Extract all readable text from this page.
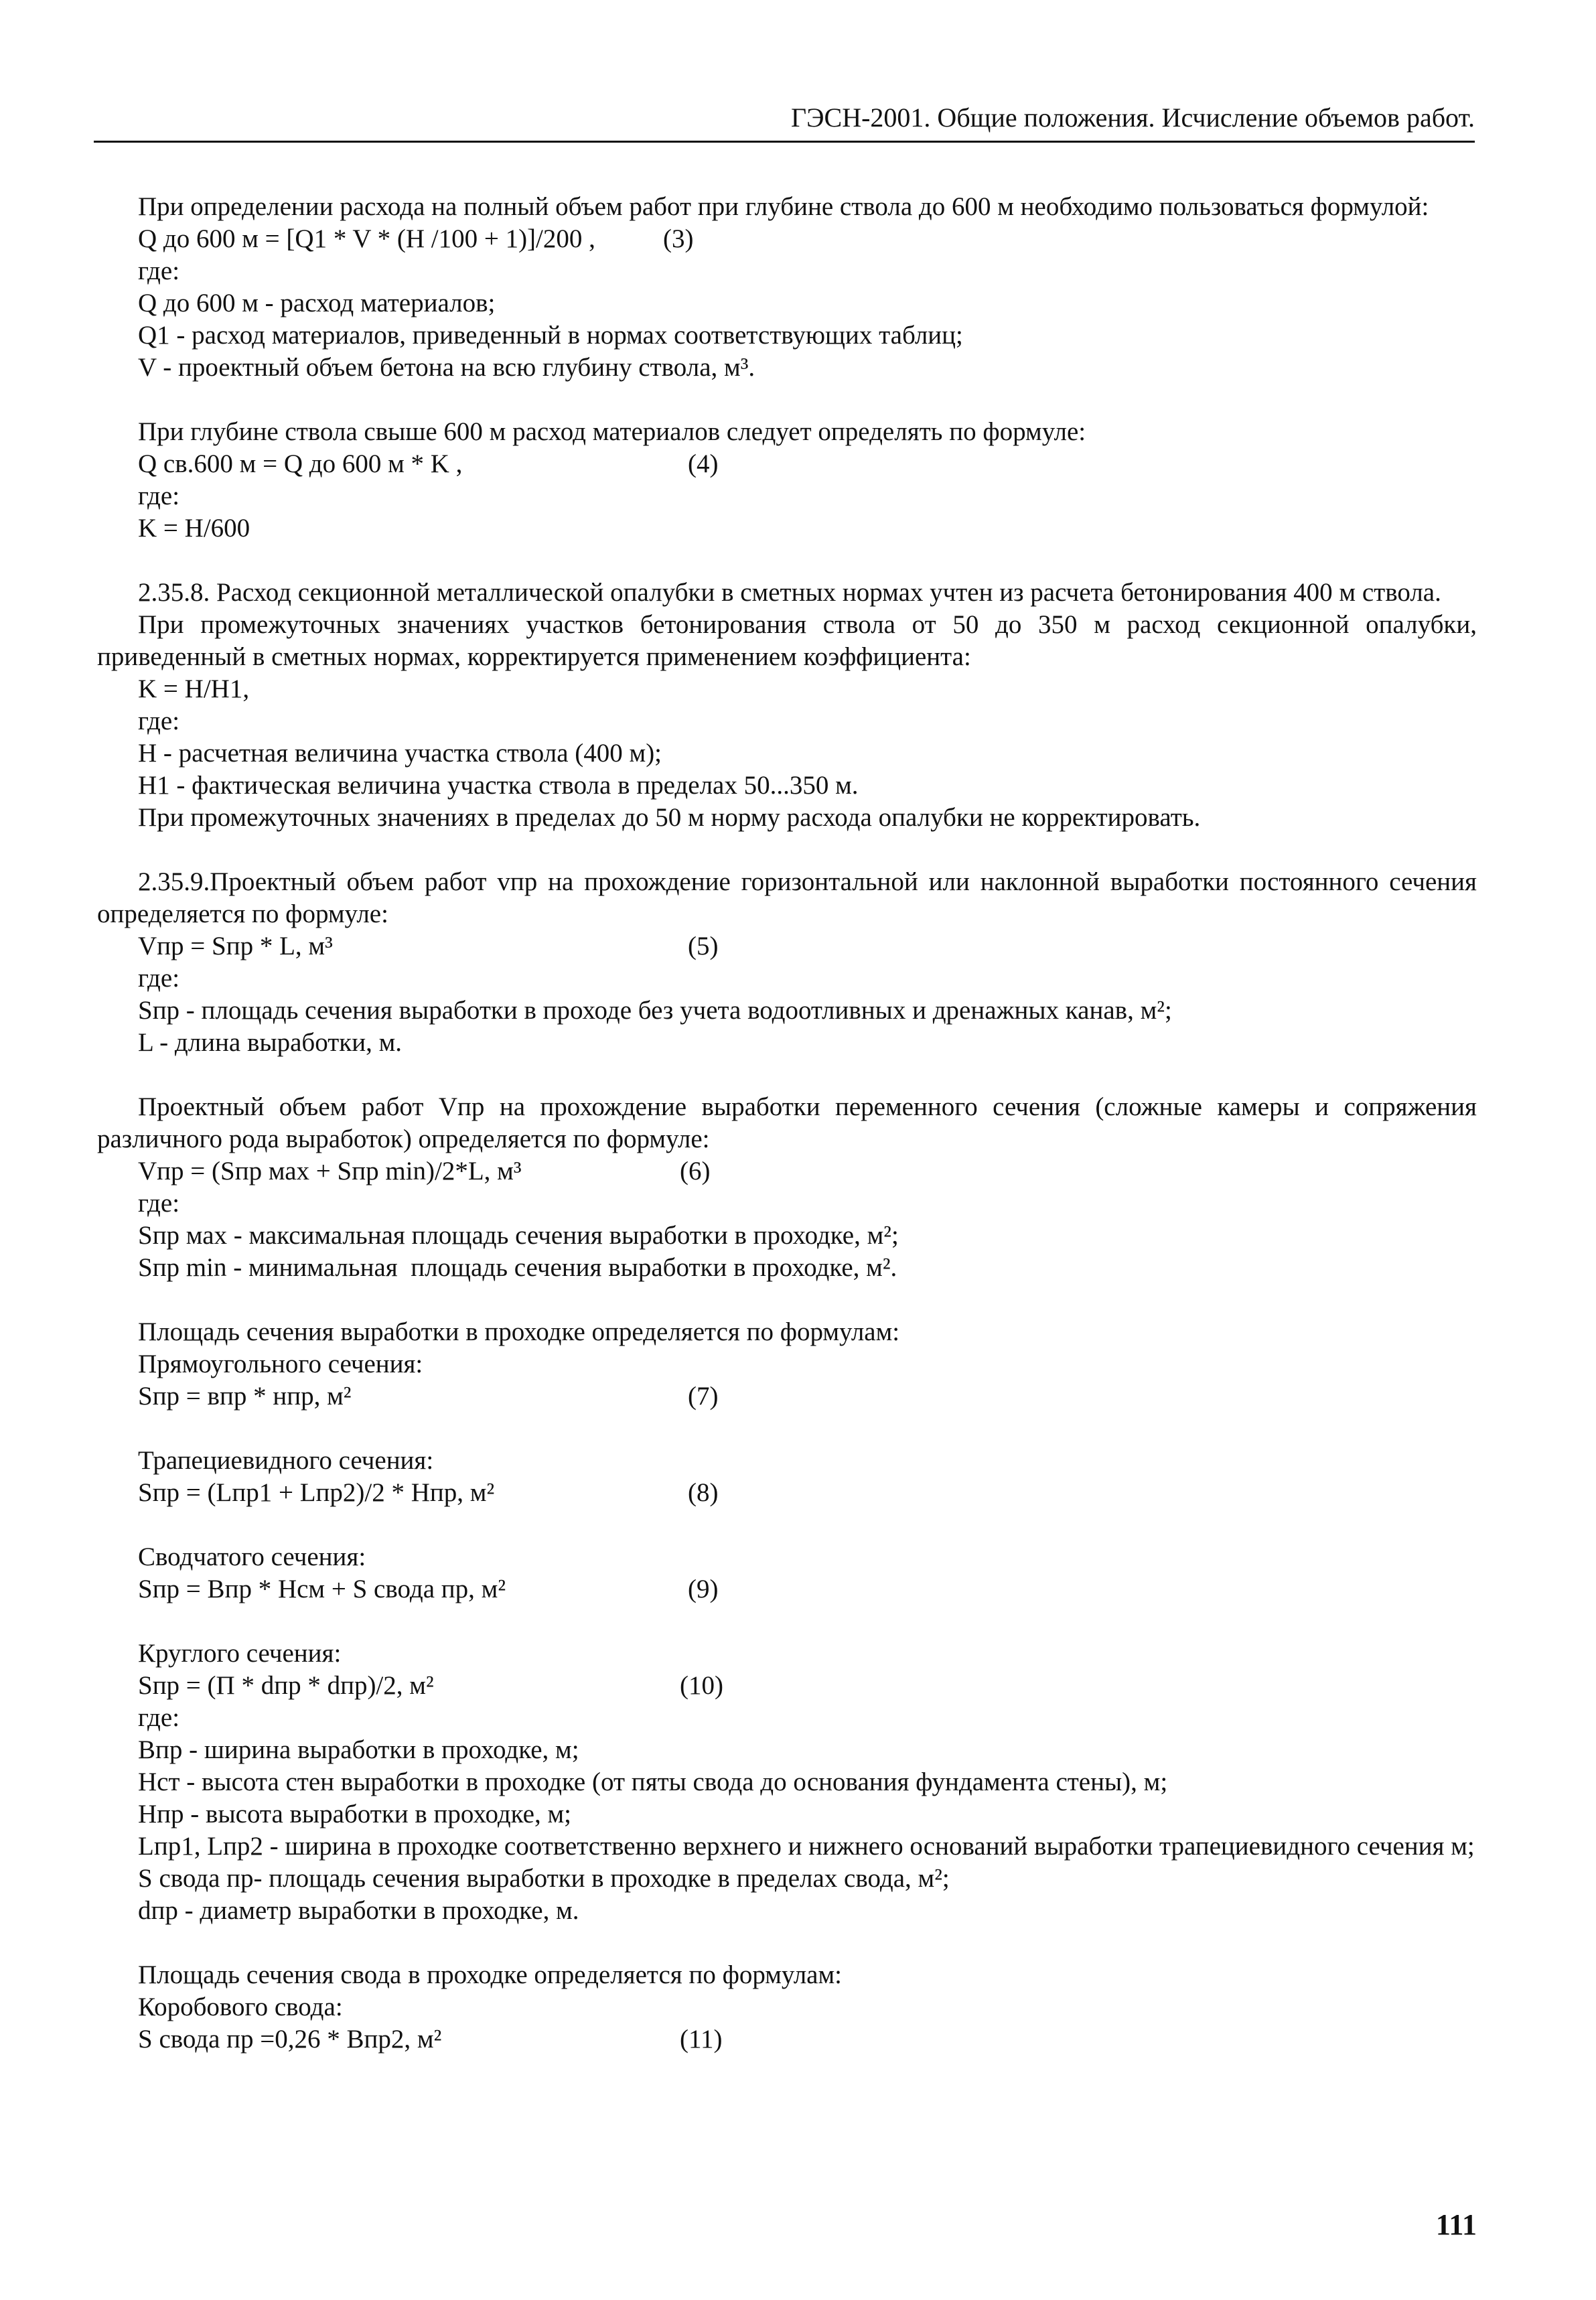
ГЭСН-2001. Общие положения. Исчисление объемов работ.

При определении расхода на полный объем работ при глубине ствола до 600 м необходимо пользоваться формулой:

Q до 600 м = [Q1 * V * (H /100 + 1)]/200 ,	(3)

где:

Q до 600 м - расход материалов;

Q1 - расход материалов, приведенный в нормах соответствующих таблиц;

V - проектный объем бетона на всю глубину ствола, м³.

При глубине ствола свыше 600 м расход материалов следует определять по формуле:

Q св.600 м = Q до 600 м * K ,	(4)

где:

K = H/600

2.35.8. Расход секционной металлической опалубки в сметных нормах учтен из расчета бетонирования 400 м ствола.

При промежуточных значениях участков бетонирования ствола от 50 до 350 м расход секционной опалубки, приведенный в сметных нормах, корректируется применением коэффициента:

K = H/H1,

где:

H - расчетная величина участка ствола (400 м);

H1 - фактическая величина участка ствола в пределах 50...350 м.

При промежуточных значениях в пределах до 50 м норму расхода опалубки не корректировать.

2.35.9.Проектный объем работ vпр на прохождение горизонтальной или наклонной выработки постоянного сечения определяется по формуле:

Vпр = Sпр * L, м³	(5)

где:

Sпр - площадь сечения выработки в проходе без учета водоотливных и дренажных канав, м²;

L - длина выработки, м.

Проектный объем работ Vпр на прохождение выработки переменного сечения (сложные камеры и сопряжения различного рода выработок) определяется по формуле:

Vпр = (Sпр мах + Sпр min)/2*L, м³	(6)

где:

Sпр мах - максимальная площадь сечения выработки в проходке, м²;

Sпр min - минимальная  площадь сечения выработки в проходке, м².

Площадь сечения выработки в проходке определяется по формулам:

Прямоугольного сечения:

Sпр = впр * нпр, м²	(7)

Трапециевидного сечения:

Sпр = (Lпр1 + Lпр2)/2 * Нпр, м²	(8)

Сводчатого сечения:

Sпр = Bпр * Нсм + S свода пр, м²	(9)

Круглого сечения:

Sпр = (П * dпр * dпр)/2, м²	(10)

где:

Bпр - ширина выработки в проходке, м;

Нст - высота стен выработки в проходке (от пяты свода до основания фундамента стены), м;

Нпр - высота выработки в проходке, м;

Lпр1, Lпр2 - ширина в проходке соответственно верхнего и нижнего оснований выработки трапециевидного сечения м;

S свода пр- площадь сечения выработки в проходке в пределах свода, м²;

dпр - диаметр выработки в проходке, м.

Площадь сечения свода в проходке определяется по формулам:

Коробового свода:

S свода пр =0,26 * Впр2, м²	(11)
111
